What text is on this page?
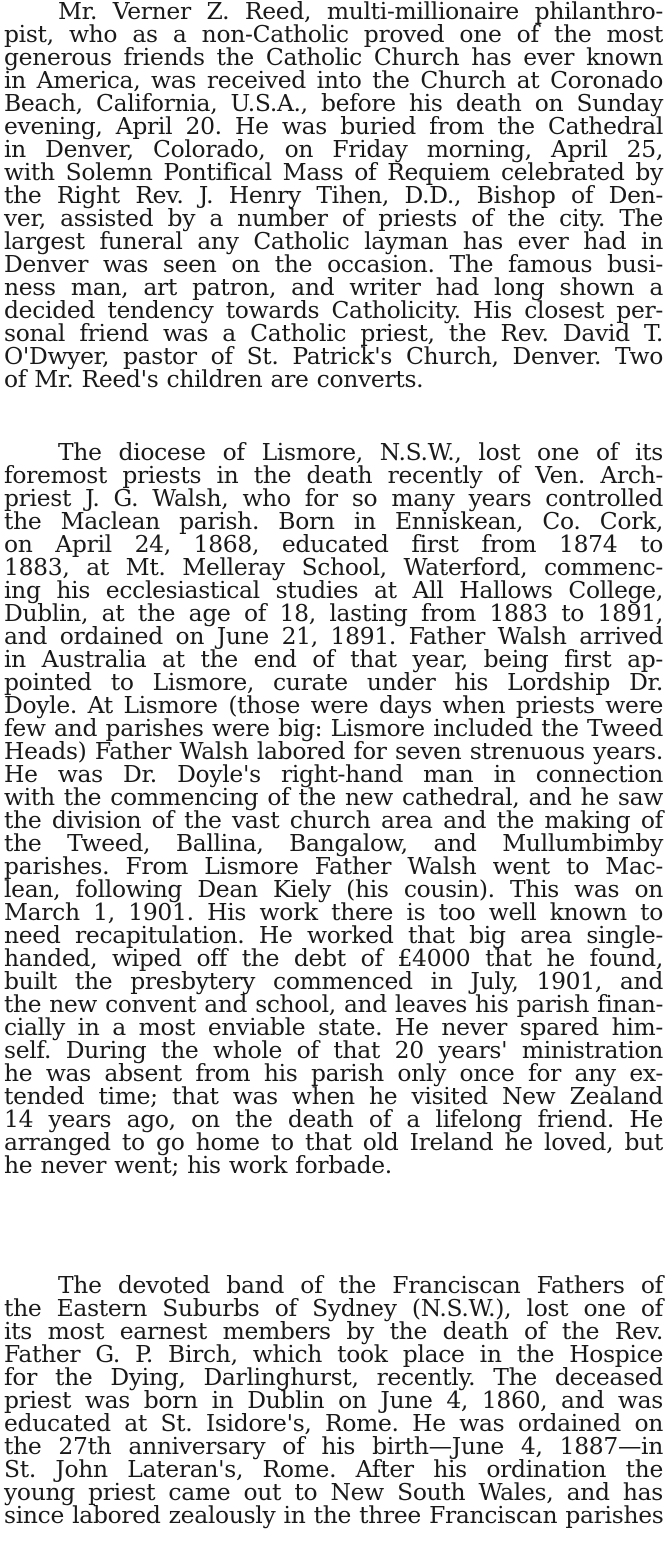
Mr. Verner Z. Reed, multi-millionaire philanthro-
pist, who as a non-Catholic proved one of the most
generous friends the Catholic Church has ever known
in America, was received into the Church at Coronado
Beach, California, U.S.A., before his death on Sunday
evening, April 20. He was buried from the Cathedral
in Denver, Colorado, on Friday morning, April 25,
with Solemn Pontifical Mass of Requiem celebrated by
the Right Rev. J. Henry Tihen, D.D., Bishop of Den-
ver, assisted by a number of priests of the city. The
largest funeral any Catholic layman has ever had in
Denver was seen on the occasion. The famous busi-
ness man, art patron, and writer had long shown a
decided tendency towards Catholicity. His closest per-
sonal friend was a Catholic priest, the Rev. David T.
O'Dwyer, pastor of St. Patrick's Church, Denver. Two
of Mr. Reed's children are converts.

The diocese of Lismore, N.S.W., lost one of its
foremost priests in the death recently of Ven. Arch-
priest J. G. Walsh, who for so many years controlled
the Maclean parish. Born in Enniskean, Co. Cork,
on April 24, 1868, educated first from 1874 to
1883, at Mt. Melleray School, Waterford, commenc-
ing his ecclesiastical studies at All Hallows College,
Dublin, at the age of 18, lasting from 1883 to 1891,
and ordained on June 21, 1891. Father Walsh arrived
in Australia at the end of that year, being first ap-
pointed to Lismore, curate under his Lordship Dr.
Doyle. At Lismore (those were days when priests were
few and parishes were big: Lismore included the Tweed
Heads) Father Walsh labored for seven strenuous years.
He was Dr. Doyle's right-hand man in connection
with the commencing of the new cathedral, and he saw
the division of the vast church area and the making of
the Tweed, Ballina, Bangalow, and Mullumbimby
parishes. From Lismore Father Walsh went to Mac-
lean, following Dean Kiely (his cousin). This was on
March 1, 1901. His work there is too well known to
need recapitulation. He worked that big area single-
handed, wiped off the debt of £4000 that he found,
built the presbytery commenced in July, 1901, and
the new convent and school, and leaves his parish finan-
cially in a most enviable state. He never spared him-
self. During the whole of that 20 years' ministration
he was absent from his parish only once for any ex-
tended time; that was when he visited New Zealand
14 years ago, on the death of a lifelong friend. He
arranged to go home to that old Ireland he loved, but
he never went; his work forbade.

The devoted band of the Franciscan Fathers of
the Eastern Suburbs of Sydney (N.S.W.), lost one of
its most earnest members by the death of the Rev.
Father G. P. Birch, which took place in the Hospice
for the Dying, Darlinghurst, recently. The deceased
priest was born in Dublin on June 4, 1860, and was
educated at St. Isidore's, Rome. He was ordained on
the 27th anniversary of his birth—June 4, 1887—in
St. John Lateran's, Rome. After his ordination the
young priest came out to New South Wales, and has
since labored zealously in the three Franciscan parishes
